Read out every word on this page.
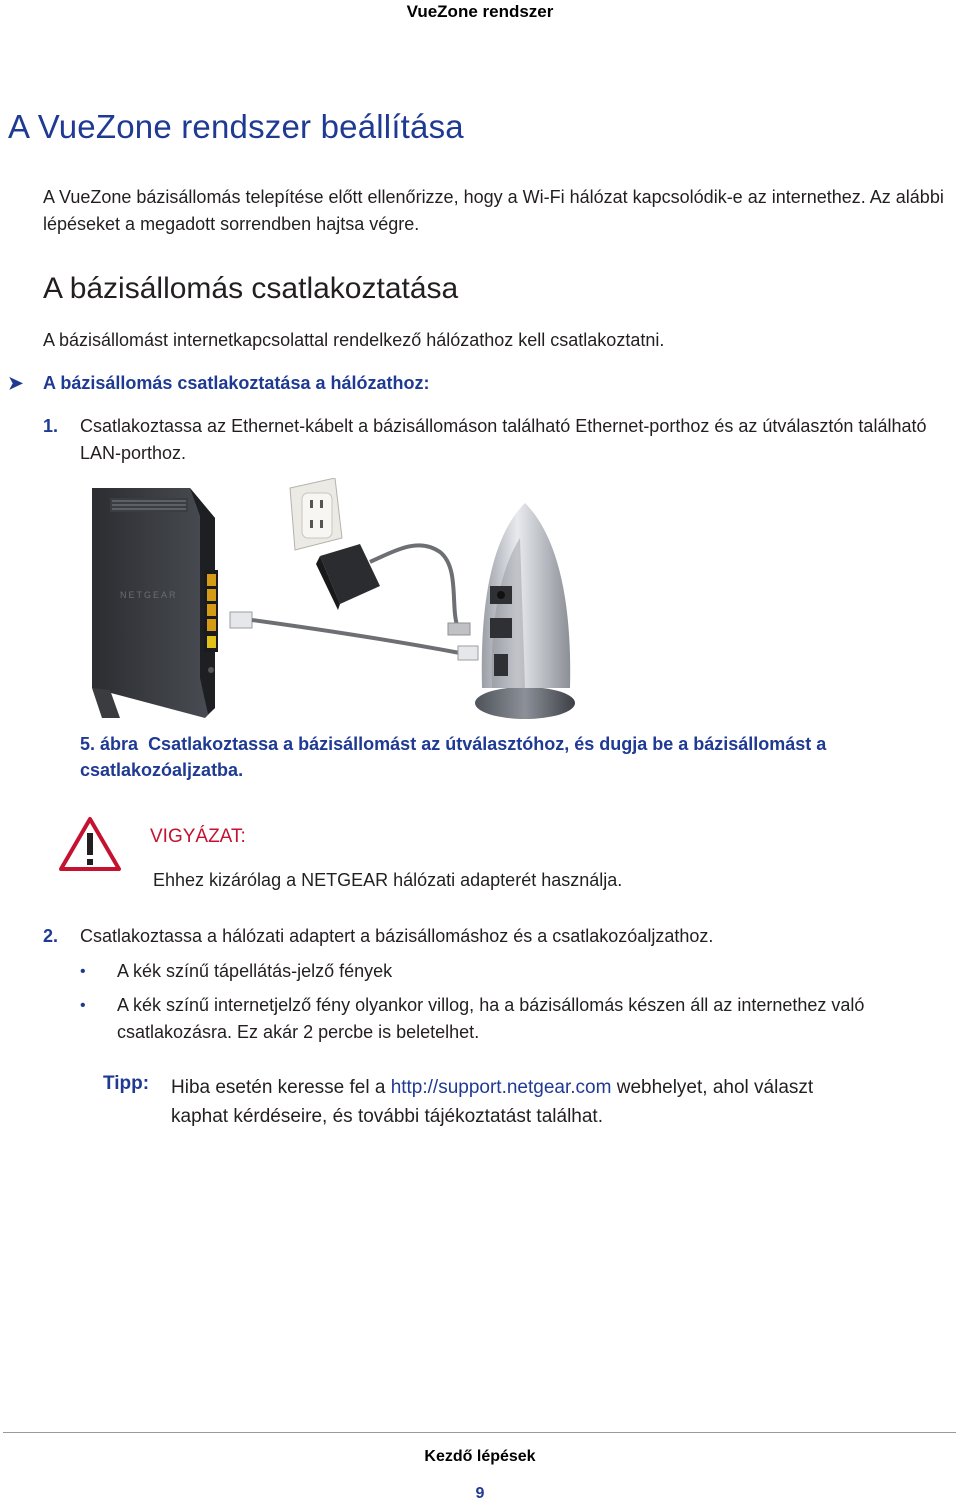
VueZone rendszer
A VueZone rendszer beállítása
A VueZone bázisállomás telepítése előtt ellenőrizze, hogy a Wi-Fi hálózat kapcsolódik-e az internethez. Az alábbi lépéseket a megadott sorrendben hajtsa végre.
A bázisállomás csatlakoztatása
A bázisállomást internetkapcsolattal rendelkező hálózathoz kell csatlakoztatni.
➤ A bázisállomás csatlakoztatása a hálózathoz:
1. Csatlakoztassa az Ethernet-kábelt a bázisállomáson található Ethernet-porthoz és az útválasztón található LAN-porthoz.
NETGEAR
5. ábra Csatlakoztassa a bázisállomást az útválasztóhoz, és dugja be a bázisállomást a csatlakozóaljzatba.
VIGYÁZAT:
Ehhez kizárólag a NETGEAR hálózati adapterét használja.
2. Csatlakoztassa a hálózati adaptert a bázisállomáshoz és a csatlakozóaljzathoz.
• A kék színű tápellátás-jelző fények
• A kék színű internetjelző fény olyankor villog, ha a bázisállomás készen áll az internethez való csatlakozásra. Ez akár 2 percbe is beletelhet.
Tipp: Hiba esetén keresse fel a http://support.netgear.com webhelyet, ahol választ kaphat kérdéseire, és további tájékoztatást találhat.
Kezdő lépések
9
